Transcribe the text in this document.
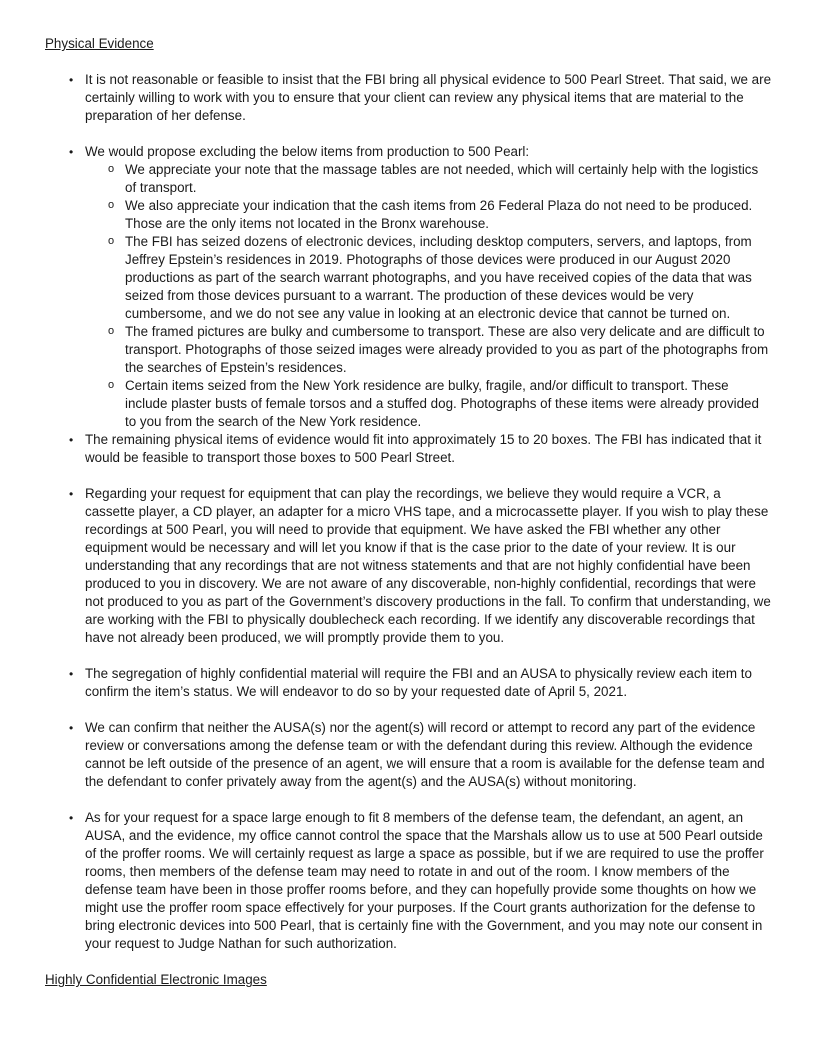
Physical Evidence
• It is not reasonable or feasible to insist that the FBI bring all physical evidence to 500 Pearl Street. That said, we are certainly willing to work with you to ensure that your client can review any physical items that are material to the preparation of her defense.
• We would propose excluding the below items from production to 500 Pearl:
o We appreciate your note that the massage tables are not needed, which will certainly help with the logistics of transport.
o We also appreciate your indication that the cash items from 26 Federal Plaza do not need to be produced. Those are the only items not located in the Bronx warehouse.
o The FBI has seized dozens of electronic devices, including desktop computers, servers, and laptops, from Jeffrey Epstein’s residences in 2019. Photographs of those devices were produced in our August 2020 productions as part of the search warrant photographs, and you have received copies of the data that was seized from those devices pursuant to a warrant. The production of these devices would be very cumbersome, and we do not see any value in looking at an electronic device that cannot be turned on.
o The framed pictures are bulky and cumbersome to transport. These are also very delicate and are difficult to transport. Photographs of those seized images were already provided to you as part of the photographs from the searches of Epstein’s residences.
o Certain items seized from the New York residence are bulky, fragile, and/or difficult to transport. These include plaster busts of female torsos and a stuffed dog. Photographs of these items were already provided to you from the search of the New York residence.
• The remaining physical items of evidence would fit into approximately 15 to 20 boxes. The FBI has indicated that it would be feasible to transport those boxes to 500 Pearl Street.
• Regarding your request for equipment that can play the recordings, we believe they would require a VCR, a cassette player, a CD player, an adapter for a micro VHS tape, and a microcassette player. If you wish to play these recordings at 500 Pearl, you will need to provide that equipment. We have asked the FBI whether any other equipment would be necessary and will let you know if that is the case prior to the date of your review. It is our understanding that any recordings that are not witness statements and that are not highly confidential have been produced to you in discovery. We are not aware of any discoverable, non-highly confidential, recordings that were not produced to you as part of the Government’s discovery productions in the fall. To confirm that understanding, we are working with the FBI to physically doublecheck each recording. If we identify any discoverable recordings that have not already been produced, we will promptly provide them to you.
• The segregation of highly confidential material will require the FBI and an AUSA to physically review each item to confirm the item’s status. We will endeavor to do so by your requested date of April 5, 2021.
• We can confirm that neither the AUSA(s) nor the agent(s) will record or attempt to record any part of the evidence review or conversations among the defense team or with the defendant during this review. Although the evidence cannot be left outside of the presence of an agent, we will ensure that a room is available for the defense team and the defendant to confer privately away from the agent(s) and the AUSA(s) without monitoring.
• As for your request for a space large enough to fit 8 members of the defense team, the defendant, an agent, an AUSA, and the evidence, my office cannot control the space that the Marshals allow us to use at 500 Pearl outside of the proffer rooms. We will certainly request as large a space as possible, but if we are required to use the proffer rooms, then members of the defense team may need to rotate in and out of the room. I know members of the defense team have been in those proffer rooms before, and they can hopefully provide some thoughts on how we might use the proffer room space effectively for your purposes. If the Court grants authorization for the defense to bring electronic devices into 500 Pearl, that is certainly fine with the Government, and you may note our consent in your request to Judge Nathan for such authorization.
Highly Confidential Electronic Images
